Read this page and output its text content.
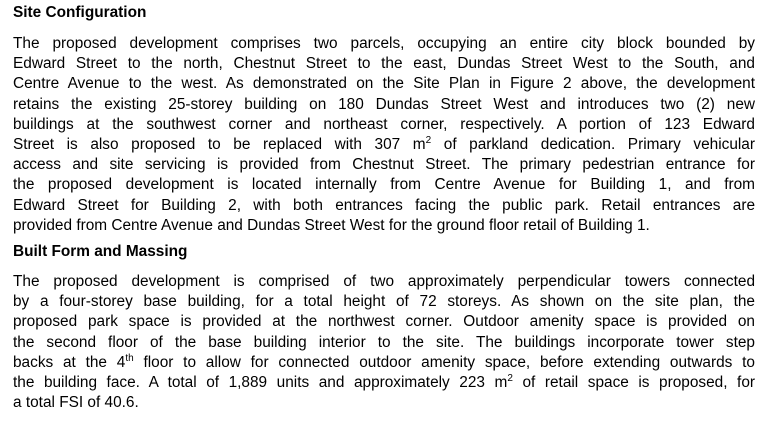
Site Configuration

The proposed development comprises two parcels, occupying an entire city block bounded by
Edward Street to the north, Chestnut Street to the east, Dundas Street West to the South, and
Centre Avenue to the west. As demonstrated on the Site Plan in Figure 2 above, the development
retains the existing 25-storey building on 180 Dundas Street West and introduces two (2) new
buildings at the southwest corner and northeast corner, respectively. A portion of 123 Edward
Street is also proposed to be replaced with 307 $m^2$ of parkland dedication. Primary vehicular
access and site servicing is provided from Chestnut Street. The primary pedestrian entrance for
the proposed development is located internally from Centre Avenue for Building 1, and from
Edward Street for Building 2, with both entrances facing the public park. Retail entrances are
provided from Centre Avenue and Dundas Street West for the ground floor retail of Building 1.

Built Form and Massing

The proposed development is comprised of two approximately perpendicular towers connected
by a four-storey base building, for a total height of 72 storeys. As shown on the site plan, the
proposed park space is provided at the northwest corner. Outdoor amenity space is provided on
the second floor of the base building interior to the site. The buildings incorporate tower step
backs at the 4th floor to allow for connected outdoor amenity space, before extending outwards to
the building face. A total of 1,889 units and approximately 223 $m^2$ of retail space is proposed, for
a total FSI of 40.6.
